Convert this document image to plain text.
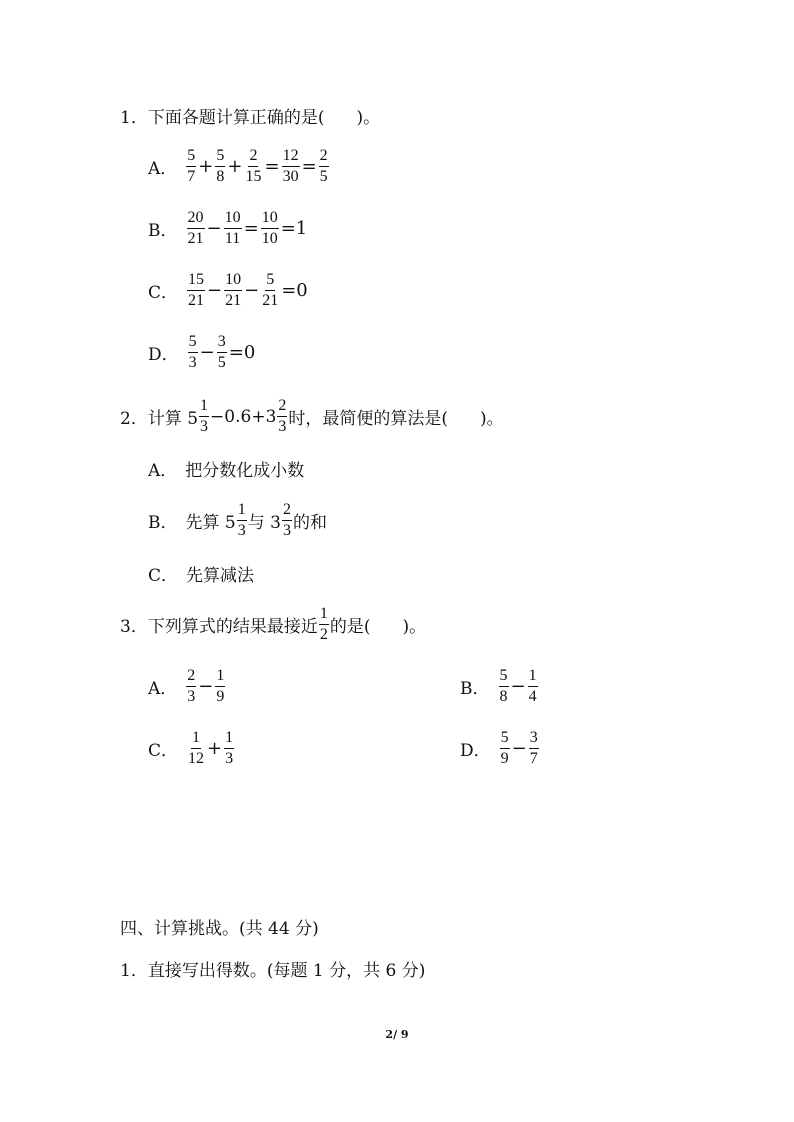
1．下面各题计算正确的是( )。
A． $\frac{5}{7} + \frac{5}{8} + \frac{2}{15} = \frac{12}{30} = \frac{2}{5}$
B． $\frac{20}{21} - \frac{10}{11} = \frac{10}{10} =1$
C． $\frac{15}{21} - \frac{10}{21} - \frac{5}{21} =0$
D． $\frac{5}{3} - \frac{3}{5} =0$
2．计算 $5 \frac{1}{3} -0.6+3 \frac{2}{3}$ 时，最简便的算法是( )。
A． 把分数化成小数
B． 先算 $5 \frac{1}{3}$ 与 $3 \frac{2}{3}$ 的和
C． 先算减法
3．下列算式的结果最接近 $\frac{1}{2}$ 的是( )。
A． $\frac{2}{3} - \frac{1}{9}$	B． $\frac{5}{8} - \frac{1}{4}$
C． $\frac{1}{12} + \frac{1}{3}$	D． $\frac{5}{9} - \frac{3}{7}$
四、计算挑战。(共 44 分)
1．直接写出得数。(每题 1 分，共 6 分)
2/ 9
